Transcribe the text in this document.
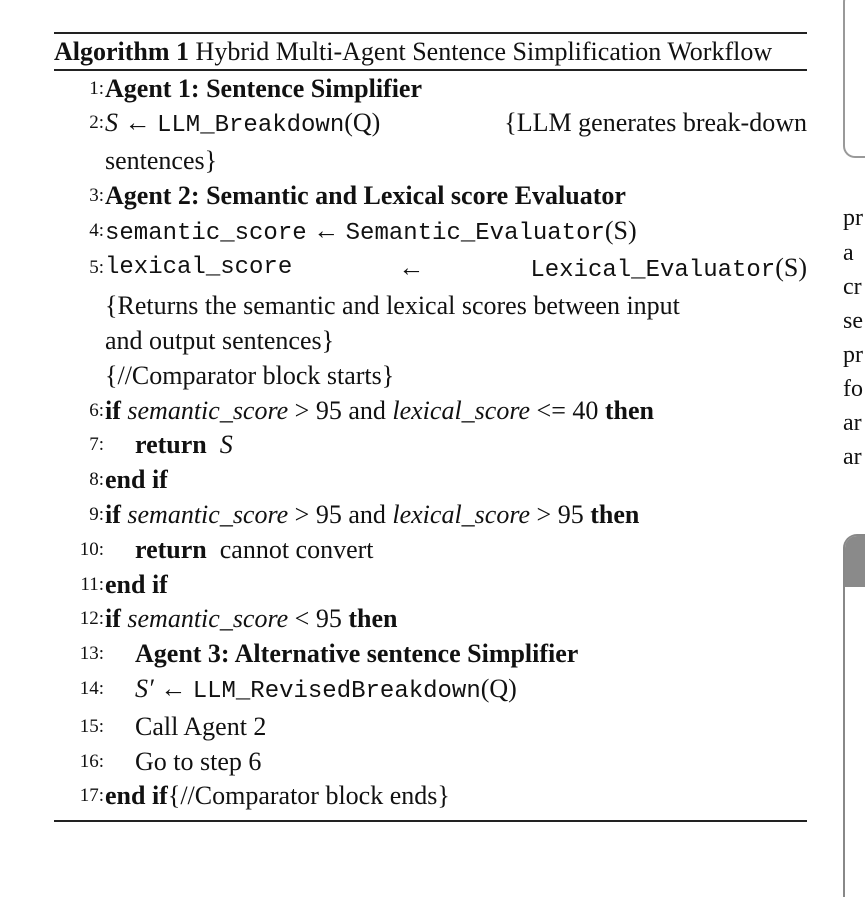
Algorithm 1 Hybrid Multi-Agent Sentence Simplification Workflow
1: Agent 1: Sentence Simplifier
2: S ← LLM_Breakdown(Q)	{LLM generates break-down
sentences}
3: Agent 2: Semantic and Lexical score Evaluator
4: semantic_score ← Semantic_Evaluator(S)
5: lexical_score	←	Lexical_Evaluator(S)
{Returns the semantic and lexical scores between input
and output sentences}
{//Comparator block starts}
6: if semantic_score > 95 and lexical_score <= 40 then
7:	return S
8: end if
9: if semantic_score > 95 and lexical_score > 95 then
10:	return cannot convert
11: end if
12: if semantic_score < 95 then
13:	Agent 3: Alternative sentence Simplifier
14:	S′ ← LLM_RevisedBreakdown(Q)
15:	Call Agent 2
16:	Go to step 6
17: end if{//Comparator block ends}
pr
a
cr
se
pr
fo
ar
ar
